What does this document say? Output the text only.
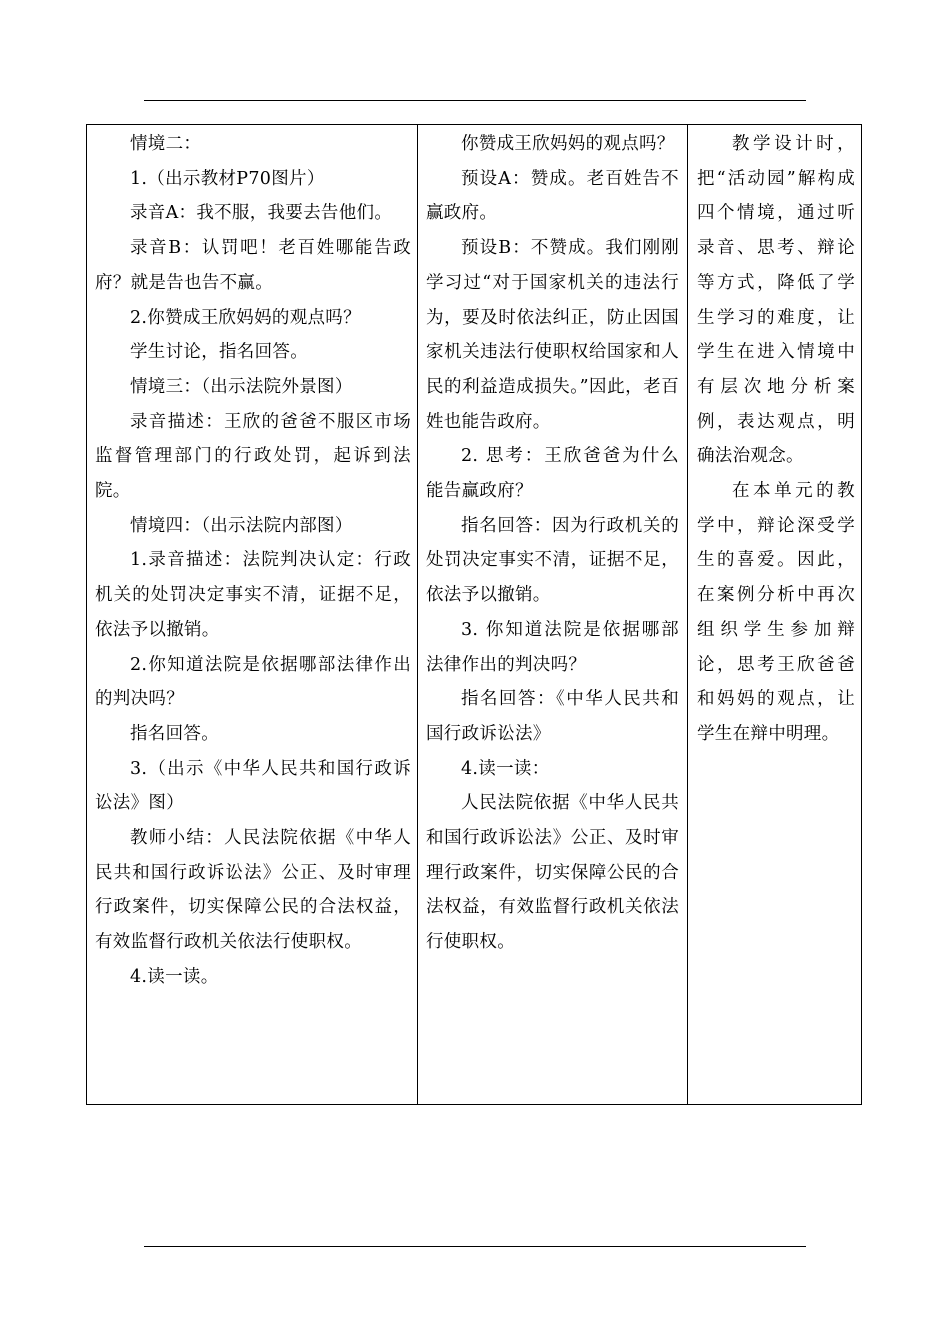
情境二：

1.（出示教材P70图片）

录音A：我不服，我要去告他们。

录音B：认罚吧！老百姓哪能告政府？就是告也告不赢。

2.你赞成王欣妈妈的观点吗？

学生讨论，指名回答。

情境三：（出示法院外景图）

录音描述：王欣的爸爸不服区市场监督管理部门的行政处罚，起诉到法院。

情境四：（出示法院内部图）

1.录音描述：法院判决认定：行政机关的处罚决定事实不清，证据不足，依法予以撤销。

2.你知道法院是依据哪部法律作出的判决吗？

指名回答。

3.（出示《中华人民共和国行政诉讼法》图）

教师小结：人民法院依据《中华人民共和国行政诉讼法》公正、及时审理行政案件，切实保障公民的合法权益，有效监督行政机关依法行使职权。

4.读一读。

你赞成王欣妈妈的观点吗？

预设A：赞成。老百姓告不赢政府。

预设B：不赞成。我们刚刚学习过“对于国家机关的违法行为，要及时依法纠正，防止因国家机关违法行使职权给国家和人民的利益造成损失。”因此，老百姓也能告政府。

2. 思考：王欣爸爸为什么能告赢政府？

指名回答：因为行政机关的处罚决定事实不清，证据不足，依法予以撤销。

3. 你知道法院是依据哪部法律作出的判决吗？

指名回答：《中华人民共和国行政诉讼法》

4.读一读：

人民法院依据《中华人民共和国行政诉讼法》公正、及时审理行政案件，切实保障公民的合法权益，有效监督行政机关依法行使职权。

教学设计时，把“活动园”解构成四个情境，通过听录音、思考、辩论等方式，降低了学生学习的难度，让学生在进入情境中有层次地分析案例，表达观点，明确法治观念。

在本单元的教学中，辩论深受学生的喜爱。因此，在案例分析中再次组织学生参加辩论，思考王欣爸爸和妈妈的观点，让学生在辩中明理。
